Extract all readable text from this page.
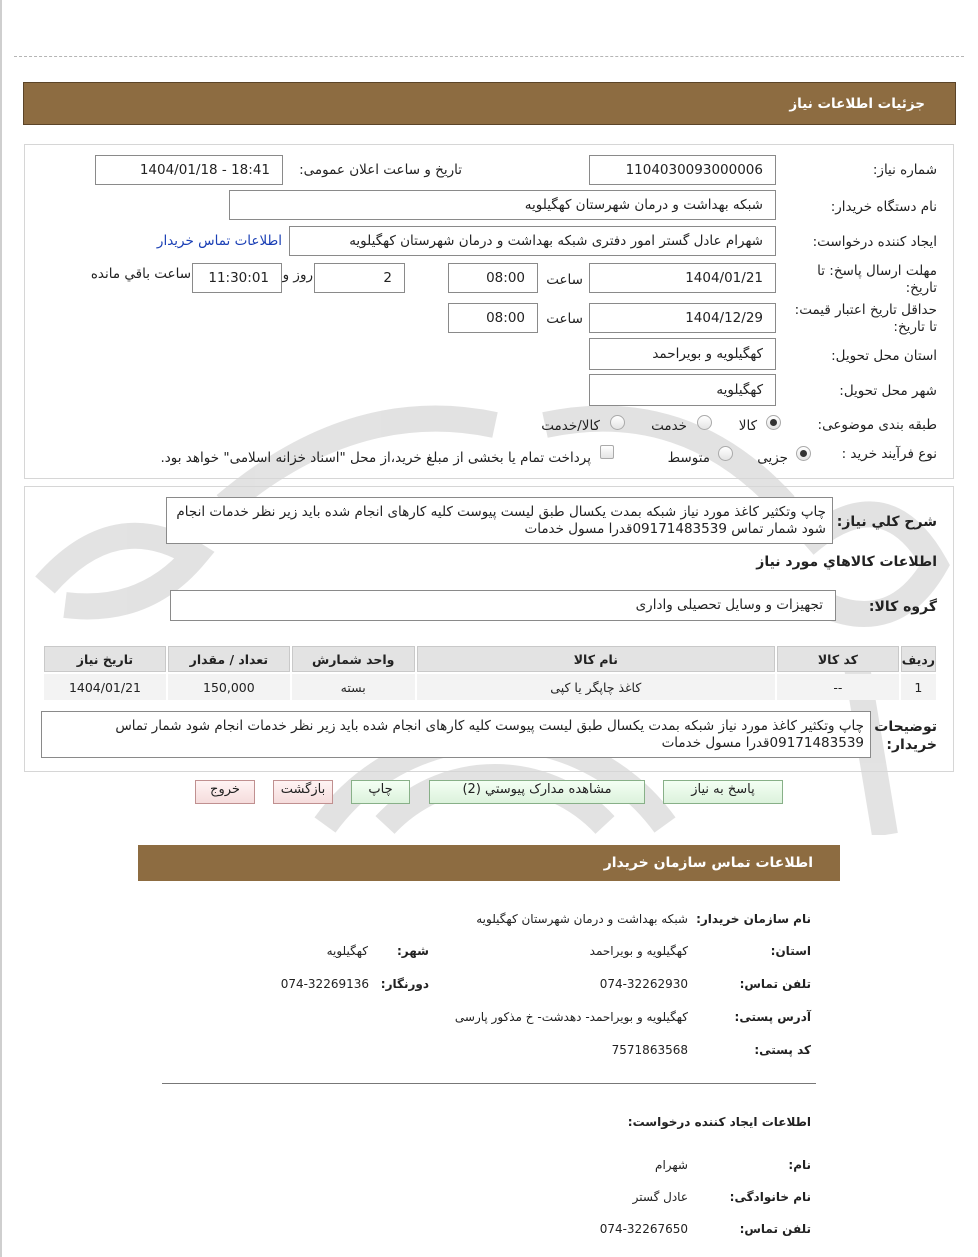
جزئیات اطلاعات نیاز
شماره نیاز:
1104030093000006
تاریخ و ساعت اعلان عمومی:
1404/01/18 - 18:41
نام دستگاه خریدار:
شبکه بهداشت و درمان شهرستان کهگیلویه
ایجاد کننده درخواست:
شهرام عادل گستر امور دفتری شبکه بهداشت و درمان شهرستان کهگیلویه
اطلاعات تماس خریدار
مهلت ارسال پاسخ: تا
تاریخ:
1404/01/21
ساعت
08:00
2
روز و
11:30:01
ساعت باقي مانده
حداقل تاریخ اعتبار قیمت:
تا تاریخ:
1404/12/29
ساعت
08:00
استان محل تحویل:
کهگیلویه و بویراحمد
شهر محل تحویل:
کهگیلویه
طبقه بندی موضوعی:
کالا
خدمت
کالا/خدمت
نوع فرآیند خرید :
جزیی
متوسط
پرداخت تمام یا بخشی از مبلغ خرید،از محل "اسناد خزانه اسلامی" خواهد بود.
شرح کلي نياز:
چاپ وتکثیر کاغذ مورد نیاز شبکه بمدت یکسال طبق لیست پیوست کلیه کارهای انجام شده باید زیر نظر خدمات انجام شود شمار تماس 09171483539قدرا مسول خدمات
اطلاعات کالاهاي مورد نياز
گروه کالا:
تجهیزات و وسایل تحصیلی واداری
ردیف	کد کالا	نام کالا	واحد شمارش	تعداد / مقدار	تاریخ نیاز
1	--	کاغذ چاپگر یا کپی	بسته	150,000	1404/01/21
توضیحات
خریدار:
چاپ وتکثیر کاغذ مورد نیاز شبکه بمدت یکسال طبق لیست پیوست کلیه کارهای انجام شده باید زیر نظر خدمات انجام شود شمار تماس 09171483539قدرا مسول خدمات
پاسخ به نیاز
مشاهده مدارک پیوستي (2)
چاپ
بازگشت
خروج
اطلاعات تماس سازمان خریدار
نام سازمان خریدار:
شبکه بهداشت و درمان شهرستان کهگیلویه
استان:
کهگیلویه و بویراحمد
شهر:
کهگیلویه
تلفن تماس:
074-32262930
دورنگار:
074-32269136
آدرس پستی:
کهگیلویه و بویراحمد- دهدشت- خ مذکور پارسی
کد پستی:
7571863568
اطلاعات ایجاد کننده درخواست:
نام:
شهرام
نام خانوادگی:
عادل گستر
تلفن تماس:
074-32267650
